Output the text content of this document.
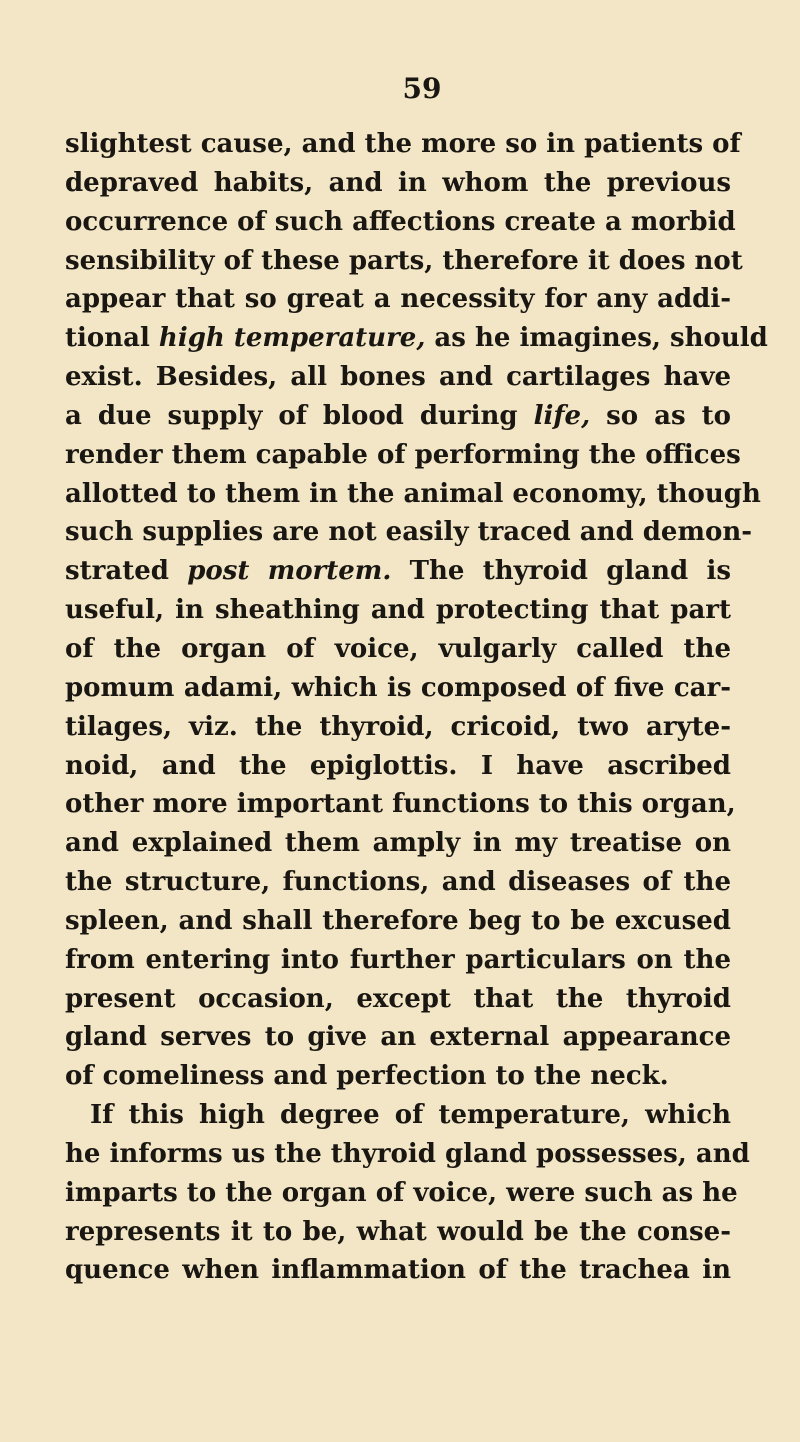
59
slightest cause, and the more so in patients of
depraved habits, and in whom the previous
occurrence of such affections create a morbid
sensibility of these parts, therefore it does not
appear that so great a necessity for any addi-
tional high temperature, as he imagines, should
exist. Besides, all bones and cartilages have
a due supply of blood during life, so as to
render them capable of performing the offices
allotted to them in the animal economy, though
such supplies are not easily traced and demon-
strated post mortem. The thyroid gland is
useful, in sheathing and protecting that part
of the organ of voice, vulgarly called the
pomum adami, which is composed of five car-
tilages, viz. the thyroid, cricoid, two aryte-
noid, and the epiglottis. I have ascribed
other more important functions to this organ,
and explained them amply in my treatise on
the structure, functions, and diseases of the
spleen, and shall therefore beg to be excused
from entering into further particulars on the
present occasion, except that the thyroid
gland serves to give an external appearance
of comeliness and perfection to the neck.
If this high degree of temperature, which
he informs us the thyroid gland possesses, and
imparts to the organ of voice, were such as he
represents it to be, what would be the conse-
quence when inflammation of the trachea in
